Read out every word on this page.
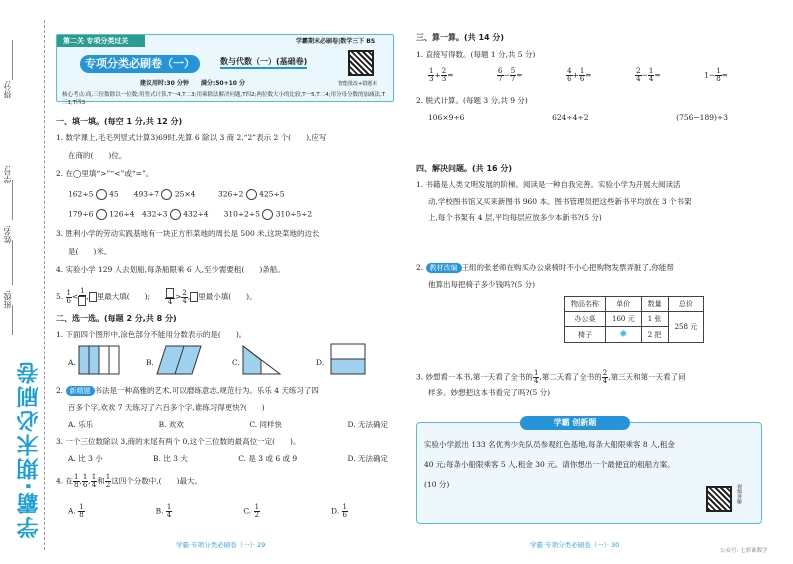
得分:
学号:
姓名:
班级:
学霸·期末必刷卷
第二关 专项分类过关	学霸期末必刷卷|数学三下 BS
专项分类必刷卷（一）	数与代数（一）(基础卷)
建议用时:30 分钟　　满分:50+10 分	智能批改+错题本
核心考点:商,三位数除以一位数;用竖式计算,T一4,T二3;用乘除法解决问题,T四2;两位数大小的比较,T一5,T二4;用分母分数的加减法,T三1,T四3
一、填一填。(每空 1 分,共 12 分)
1. 数学课上,毛毛列竖式计算3)69时,先算 6 除以 3 商 2,“2”表示 2 个(　　),应写
在商的(　　)位。
2. 在◯里填“>”“<”或“=”。
162÷5  45　　493÷7 25×4　　　	326÷2 425÷5
179÷6 126÷4　 432÷3 432÷4　　 310÷2÷5 310÷5÷2
3. 胜利小学的劳动实践基地有一块正方形菜地的周长是 500 米,这块菜地的边长
是(　　)米。
4. 实验小学 129 人去划船,每条船限乘 6 人,至少需要租(　　)条船。
5. $\frac{1}{6}$ <
1
, 里最大填(　　);　　
4
> $\frac{2}{4}$ , 里最小填(　　)。
二、选一选。(每题 2 分,共 8 分)
1. 下面四个图形中,涂色部分不能用分数表示的是(　　)。
A.	B.	C.	D.
2. 新精题 书法是一种高雅的艺术,可以磨练意志,规范行为。乐乐 4 天练习了四
百多个字,欢欢 7 天练习了六百多个字,谁练习得更快?(　　)
A. 乐乐	B. 欢欢	C. 同样快	D. 无法确定
3. 一个三位数除以 3,商的末尾有两个 0,这个三位数的最高位一定(　　)。
A. 比 3 小	B. 比 3 大	C. 是 3 或 6 或 9	D. 无法确定
4. 在 $\frac{1}{8}$ , $\frac{1}{6}$ , $\frac{1}{4}$ 和 $\frac{1}{2}$ 这四个分数中,(　　)最大。
A. $\frac{1}{8}$	B. $\frac{1}{4}$	C. $\frac{1}{2}$	D. $\frac{1}{6}$
学霸·专项分类必刷卷（一）· 29
三、算一算。(共 14 分)
1. 直接写得数。(每题 1 分,共 5 分)
$\frac{1}{3} + \frac{2}{3}$ =	$\frac{6}{7} - \frac{5}{7}$ =	$\frac{4}{6} + \frac{1}{6}$ =	$\frac{2}{4} - \frac{1}{4}$ =	$1- \frac{1}{8}$ =
2. 脱式计算。(每题 3 分,共 9 分)
106×9÷6	624÷4÷2	(756−189)÷3
四、解决问题。(共 16 分)
1. 书籍是人类文明发展的阶梯。阅读是一种自我完善。实验小学为开展大阅读活
动,学校图书馆又买来新图书 960 本。图书管理员把这些新书平均放在 3 个书架
上,每个书架有 4 层,平均每层应放多少本新书?(5 分)
2. 教材改编 王组的张老师在购买办公桌椅时不小心把购物发票弄脏了,你能帮
他算出每把椅子多少钱吗?(5 分)
物品名称	单价	数量	总价
办公桌	160 元	1 张	258 元
椅子	✸	2 把	
3. 妙想看一本书,第一天看了全书的 $\frac{1}{4}$ ,第二天看了全书的 $\frac{2}{4}$ ,第三天和第一天看了同
样多。妙想把这本书看完了吗?(5 分)
学霸 创新题
实验小学派出 133 名优秀少先队员参观红色基地,每条大船限乘客 8 人,租金
40 元;每条小船限乘客 5 人,租金 30 元。请你想出一个最便宜的租船方案。
(10 分)	视频讲解
学霸·专项分类必刷卷（一）· 30
公众号: 七彩谁数学
